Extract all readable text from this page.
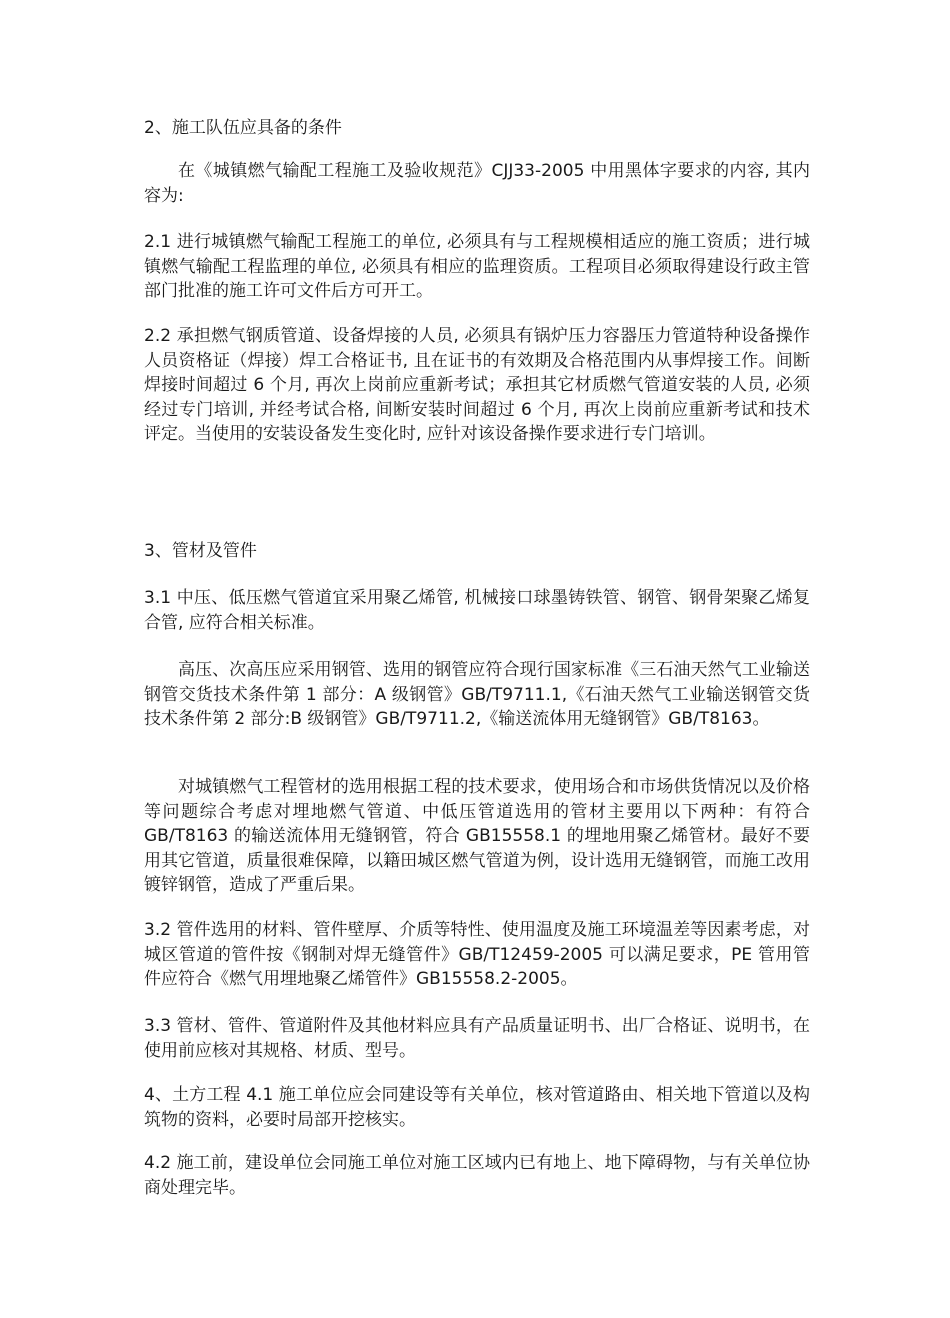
2、施工队伍应具备的条件

在《城镇燃气输配工程施工及验收规范》CJJ33-2005 中用黑体字要求的内容, 其内容为:

2.1 进行城镇燃气输配工程施工的单位, 必须具有与工程规模相适应的施工资质；进行城镇燃气输配工程监理的单位, 必须具有相应的监理资质。工程项目必须取得建设行政主管部门批准的施工许可文件后方可开工。

2.2 承担燃气钢质管道、设备焊接的人员, 必须具有锅炉压力容器压力管道特种设备操作人员资格证（焊接）焊工合格证书, 且在证书的有效期及合格范围内从事焊接工作。间断焊接时间超过 6 个月, 再次上岗前应重新考试；承担其它材质燃气管道安装的人员, 必须经过专门培训, 并经考试合格, 间断安装时间超过 6 个月, 再次上岗前应重新考试和技术评定。当使用的安装设备发生变化时, 应针对该设备操作要求进行专门培训。

3、管材及管件

3.1 中压、低压燃气管道宜采用聚乙烯管, 机械接口球墨铸铁管、钢管、钢骨架聚乙烯复合管, 应符合相关标准。

高压、次高压应采用钢管、选用的钢管应符合现行国家标准《三石油天然气工业输送钢管交货技术条件第 1 部分：A 级钢管》GB/T9711.1,《石油天然气工业输送钢管交货技术条件第 2 部分:B 级钢管》GB/T9711.2,《输送流体用无缝钢管》GB/T8163。

对城镇燃气工程管材的选用根据工程的技术要求，使用场合和市场供货情况以及价格等问题综合考虑对埋地燃气管道、中低压管道选用的管材主要用以下两种：有符合 GB/T8163 的输送流体用无缝钢管，符合 GB15558.1 的埋地用聚乙烯管材。最好不要用其它管道，质量很难保障，以籍田城区燃气管道为例，设计选用无缝钢管，而施工改用镀锌钢管，造成了严重后果。

3.2 管件选用的材料、管件壁厚、介质等特性、使用温度及施工环境温差等因素考虑，对城区管道的管件按《钢制对焊无缝管件》GB/T12459-2005 可以满足要求，PE 管用管件应符合《燃气用埋地聚乙烯管件》GB15558.2-2005。

3.3 管材、管件、管道附件及其他材料应具有产品质量证明书、出厂合格证、说明书，在使用前应核对其规格、材质、型号。

4、土方工程 4.1 施工单位应会同建设等有关单位，核对管道路由、相关地下管道以及构筑物的资料，必要时局部开挖核实。

4.2 施工前，建设单位会同施工单位对施工区域内已有地上、地下障碍物，与有关单位协商处理完毕。
